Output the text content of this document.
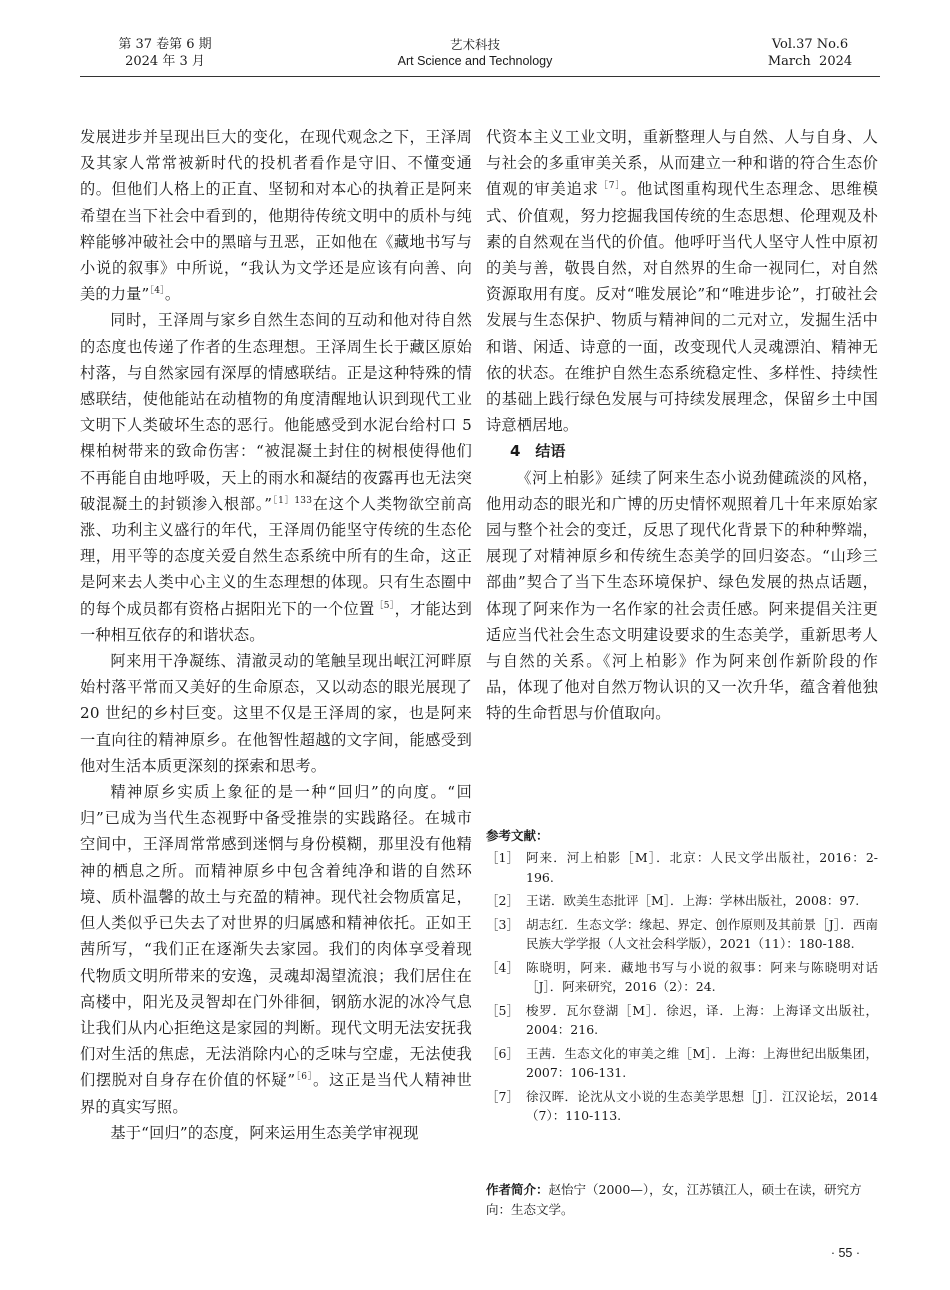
第 37 卷第 6 期
2024 年 3 月
艺术科技
Art Science and Technology
Vol.37 No.6
March  2024

发展进步并呈现出巨大的变化，在现代观念之下，王泽周及其家人常常被新时代的投机者看作是守旧、不懂变通的。但他们人格上的正直、坚韧和对本心的执着正是阿来希望在当下社会中看到的，他期待传统文明中的质朴与纯粹能够冲破社会中的黑暗与丑恶，正如他在《藏地书写与小说的叙事》中所说，“我认为文学还是应该有向善、向美的力量”$^{[4]}$。

同时，王泽周与家乡自然生态间的互动和他对待自然的态度也传递了作者的生态理想。王泽周生长于藏区原始村落，与自然家园有深厚的情感联结。正是这种特殊的情感联结，使他能站在动植物的角度清醒地认识到现代工业文明下人类破坏生态的恶行。他能感受到水泥台给村口 5 棵柏树带来的致命伤害：“被混凝土封住的树根使得他们不再能自由地呼吸，天上的雨水和凝结的夜露再也无法突破混凝土的封锁渗入根部。”$^{[1]133}$在这个人类物欲空前高涨、功利主义盛行的年代，王泽周仍能坚守传统的生态伦理，用平等的态度关爱自然生态系统中所有的生命，这正是阿来去人类中心主义的生态理想的体现。只有生态圈中的每个成员都有资格占据阳光下的一个位置$^{[5]}$，才能达到一种相互依存的和谐状态。

阿来用干净凝练、清澈灵动的笔触呈现出岷江河畔原始村落平常而又美好的生命原态，又以动态的眼光展现了 20 世纪的乡村巨变。这里不仅是王泽周的家，也是阿来一直向往的精神原乡。在他智性超越的文字间，能感受到他对生活本质更深刻的探索和思考。

精神原乡实质上象征的是一种“回归”的向度。“回归”已成为当代生态视野中备受推崇的实践路径。在城市空间中，王泽周常常感到迷惘与身份模糊，那里没有他精神的栖息之所。而精神原乡中包含着纯净和谐的自然环境、质朴温馨的故土与充盈的精神。现代社会物质富足，但人类似乎已失去了对世界的归属感和精神依托。正如王茜所写，“我们正在逐渐失去家园。我们的肉体享受着现代物质文明所带来的安逸，灵魂却渴望流浪；我们居住在高楼中，阳光及灵智却在门外徘徊，钢筋水泥的冰冷气息让我们从内心拒绝这是家园的判断。现代文明无法安抚我们对生活的焦虑，无法消除内心的乏味与空虚，无法使我们摆脱对自身存在价值的怀疑”$^{[6]}$。这正是当代人精神世界的真实写照。

基于“回归”的态度，阿来运用生态美学审视现

代资本主义工业文明，重新整理人与自然、人与自身、人与社会的多重审美关系，从而建立一种和谐的符合生态价值观的审美追求$^{[7]}$。他试图重构现代生态理念、思维模式、价值观，努力挖掘我国传统的生态思想、伦理观及朴素的自然观在当代的价值。他呼吁当代人坚守人性中原初的美与善，敬畏自然，对自然界的生命一视同仁，对自然资源取用有度。反对“唯发展论”和“唯进步论”，打破社会发展与生态保护、物质与精神间的二元对立，发掘生活中和谐、闲适、诗意的一面，改变现代人灵魂漂泊、精神无依的状态。在维护自然生态系统稳定性、多样性、持续性的基础上践行绿色发展与可持续发展理念，保留乡土中国诗意栖居地。

4　结语

《河上柏影》延续了阿来生态小说劲健疏淡的风格，他用动态的眼光和广博的历史情怀观照着几十年来原始家园与整个社会的变迁，反思了现代化背景下的种种弊端，展现了对精神原乡和传统生态美学的回归姿态。“山珍三部曲”契合了当下生态环境保护、绿色发展的热点话题，体现了阿来作为一名作家的社会责任感。阿来提倡关注更适应当代社会生态文明建设要求的生态美学，重新思考人与自然的关系。《河上柏影》作为阿来创作新阶段的作品，体现了他对自然万物认识的又一次升华，蕴含着他独特的生命哲思与价值取向。

参考文献：
［1］ 阿来．河上柏影［M］．北京：人民文学出版社，2016：2-196.
［2］ 王诺．欧美生态批评［M］．上海：学林出版社，2008：97.
［3］ 胡志红．生态文学：缘起、界定、创作原则及其前景［J］．西南民族大学学报（人文社会科学版），2021（11）：180-188.
［4］ 陈晓明，阿来．藏地书写与小说的叙事：阿来与陈晓明对话［J］．阿来研究，2016（2）：24.
［5］ 梭罗．瓦尔登湖［M］．徐迟，译．上海：上海译文出版社，2004：216.
［6］ 王茜．生态文化的审美之维［M］．上海：上海世纪出版集团，2007：106-131.
［7］ 徐汉晖．论沈从文小说的生态美学思想［J］．江汉论坛，2014（7）：110-113.
作者简介：赵怡宁（2000—），女，江苏镇江人，硕士在读，研究方向：生态文学。
· 55 ·
